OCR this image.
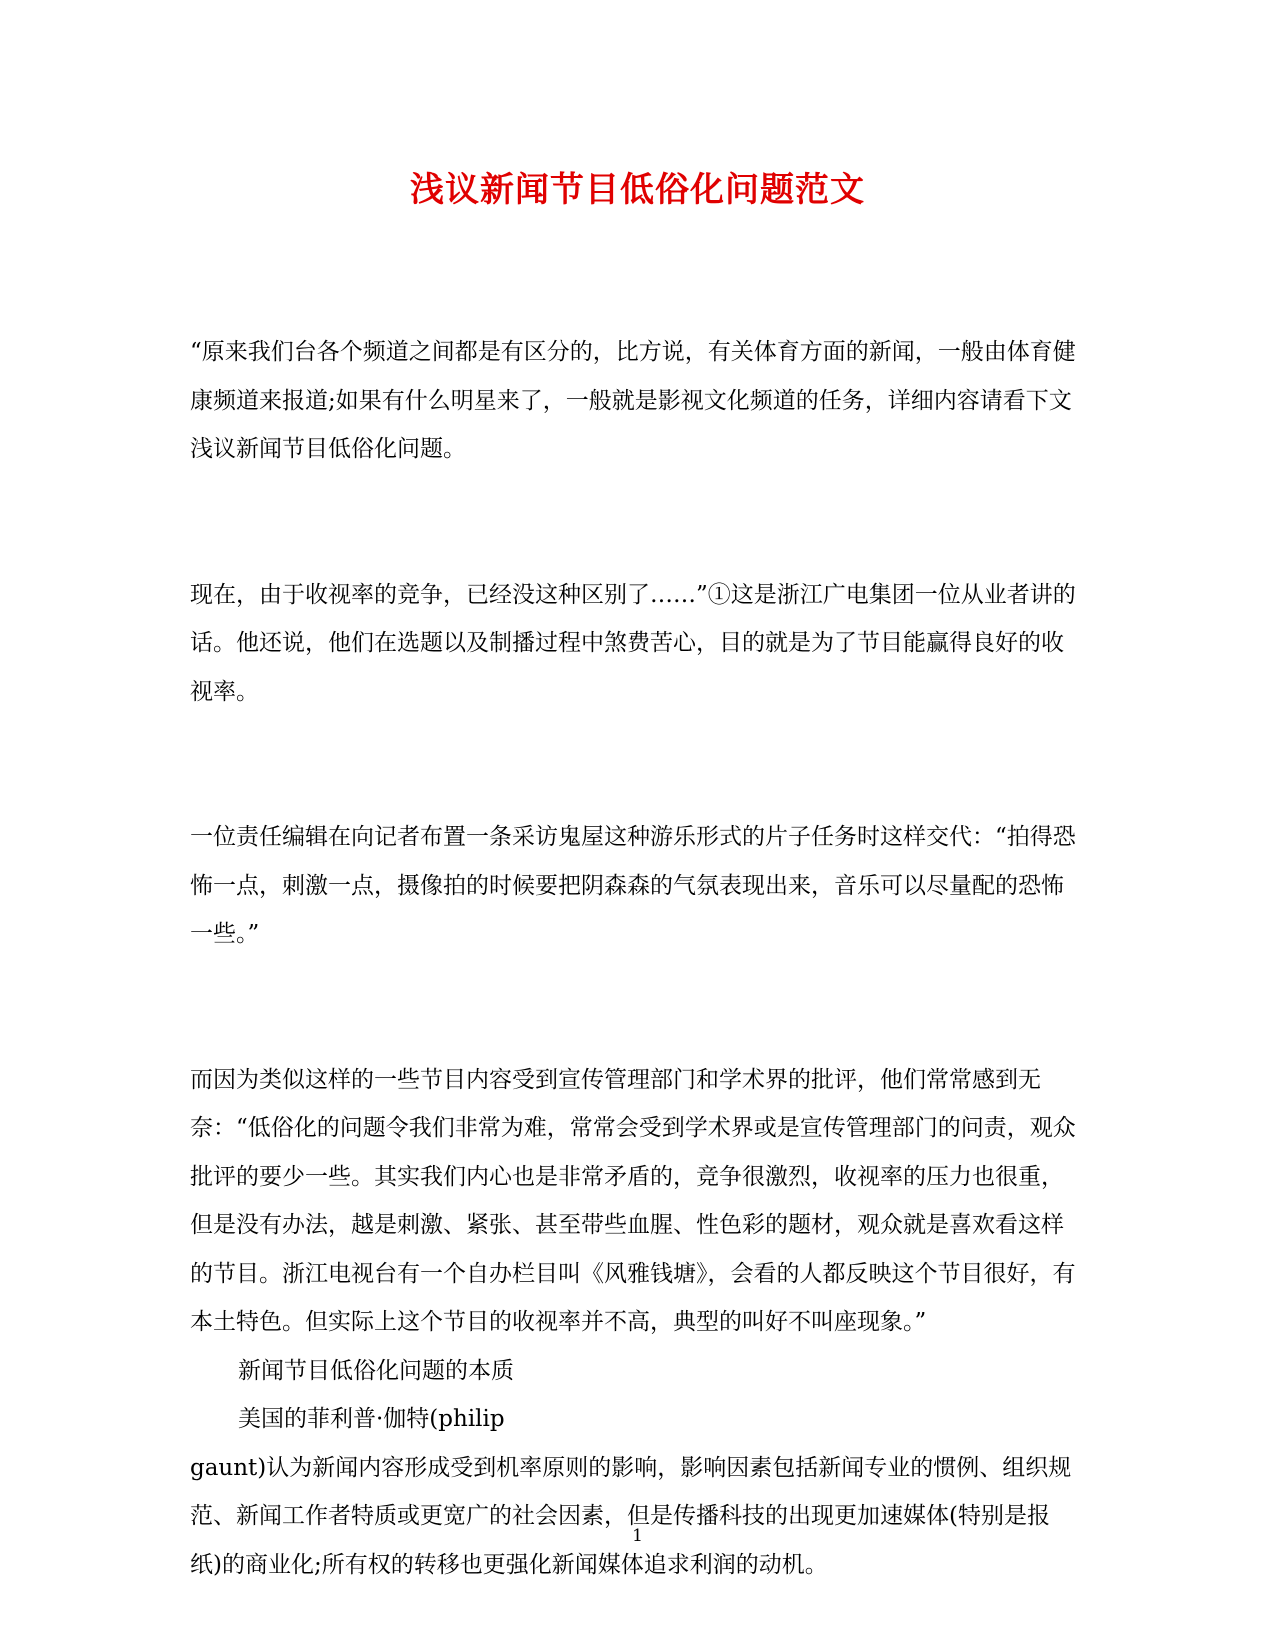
浅议新闻节目低俗化问题范文

“原来我们台各个频道之间都是有区分的，比方说，有关体育方面的新闻，一般由体育健康频道来报道;如果有什么明星来了，一般就是影视文化频道的任务，详细内容请看下文浅议新闻节目低俗化问题。

现在，由于收视率的竞争，已经没这种区别了……”①这是浙江广电集团一位从业者讲的话。他还说，他们在选题以及制播过程中煞费苦心，目的就是为了节目能赢得良好的收视率。

一位责任编辑在向记者布置一条采访鬼屋这种游乐形式的片子任务时这样交代：“拍得恐怖一点，刺激一点，摄像拍的时候要把阴森森的气氛表现出来，音乐可以尽量配的恐怖一些。”

而因为类似这样的一些节目内容受到宣传管理部门和学术界的批评，他们常常感到无奈：“低俗化的问题令我们非常为难，常常会受到学术界或是宣传管理部门的问责，观众批评的要少一些。其实我们内心也是非常矛盾的，竞争很激烈，收视率的压力也很重，但是没有办法，越是刺激、紧张、甚至带些血腥、性色彩的题材，观众就是喜欢看这样的节目。浙江电视台有一个自办栏目叫《风雅钱塘》，会看的人都反映这个节目很好，有本土特色。但实际上这个节目的收视率并不高，典型的叫好不叫座现象。”

新闻节目低俗化问题的本质

美国的菲利普·伽特(philip

gaunt)认为新闻内容形成受到机率原则的影响，影响因素包括新闻专业的惯例、组织规范、新闻工作者特质或更宽广的社会因素，但是传播科技的出现更加速媒体(特别是报纸)的商业化;所有权的转移也更强化新闻媒体追求利润的动机。

1
